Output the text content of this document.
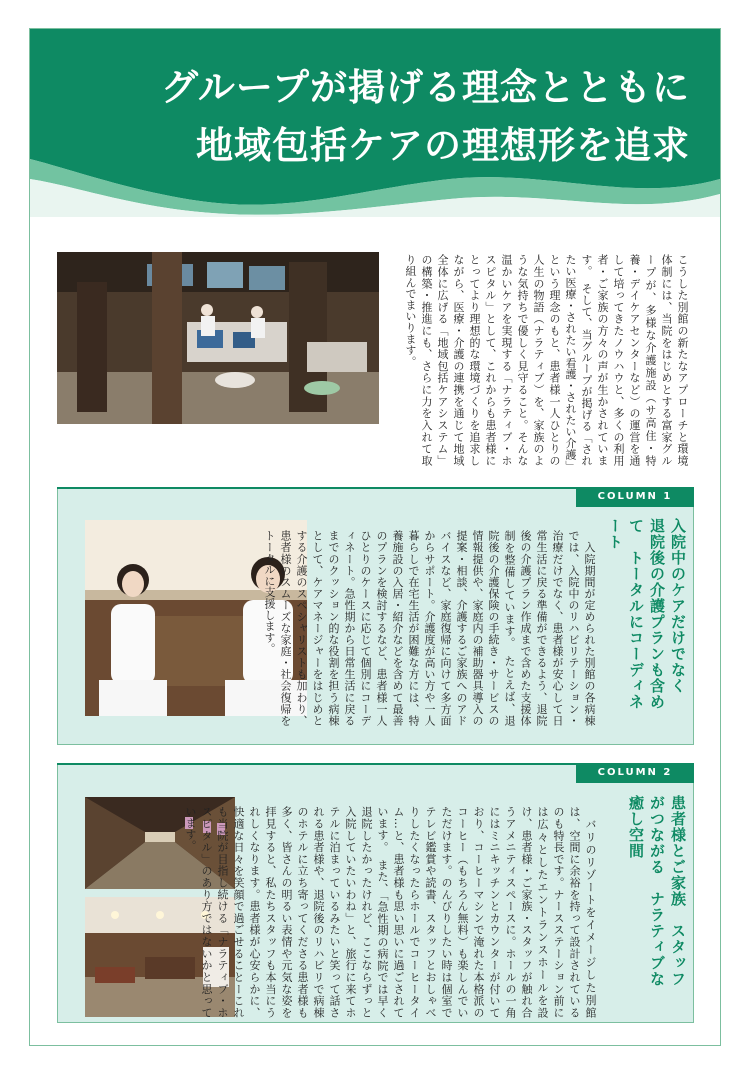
グループが掲げる理念とともに
地域包括ケアの理想形を追求
こうした別館の新たなアプローチと環境体制には、当院をはじめとする富家グループが、多様な介護施設（サ高住・特養・デイケアセンターなど）の運営を通して培ってきたノウハウと、多くの利用者・ご家族の方々の声が生かされています。　そして、当グループが掲げる「されたい医療・されたい看護・されたい介護」という理念のもと、患者様一人ひとりの人生の物語（ナラティブ）を、家族のような気持ちで優しく見守ること。そんな温かいケアを実現する「ナラティブ・ホスピタル」として、これからも患者様にとってより理想的な環境づくりを追求しながら、医療・介護の連携を通じて地域全体に広げる「地域包括ケアシステム」の構築・推進にも、さらに力を入れて取り組んでまいります。
COLUMN 1
　入院期間が定められた別館の各病棟では、入院中のリハビリテーション・治療だけでなく、患者様が安心して日常生活に戻る準備ができるよう、退院後の介護プラン作成まで含めた支援体制を整備しています。　たとえば、退院後の介護保険の手続き・サービスの情報提供や、家庭内の補助器具導入の提案・相談、介護するご家族へのアドバイスなど、家庭復帰に向けて多方面からサポート。介護度が高い方や一人暮らしで在宅生活が困難な方には、特養施設の入居・紹介などを含めて最善のプランを検討するなど、患者様一人ひとりのケースに応じて個別にコーディネート。急性期から日常生活に戻るまでのクッション的な役割を担う病棟として、ケアマネージャーをはじめとする介護のスペシャリストも加わり、患者様のスムーズな家庭・社会復帰をトータルに支援します。	入院中のケアだけでなく　退院後の介護プランも含めて　トータルにコーディネート
COLUMN 2
　バリのリゾートをイメージした別館は、空間に余裕を持って設計されているのも特長です。ナースステーション前には広々としたエントランスホールを設け、患者様・ご家族・スタッフが触れ合うアメニティスペースに。ホールの一角にはミニキッチンとカウンターが付いており、コーヒーマシンで淹れた本格派のコーヒー（もちろん無料）も楽しんでいただけます。のんびりしたい時は個室でテレビ鑑賞や読書、スタッフとおしゃべりしたくなったらホールでコーヒータイム…と、患者様も思い思いに過ごされています。　また、「急性期の病院では早く退院したかったけれど、ここならずっと入院していたいわね」と、旅行に来てホテルに泊まっているみたいと笑って話される患者様や、退院後のリハビリで病棟のホテルに立ち寄ってくださる患者様も多く、皆さんの明るい表情や元気な姿を拝見すると、私たちスタッフも本当にうれしくなります。患者様が心安らかに、快適な日々を笑顔で過ごせることーこれも当院が目指し続ける「ナラティブ・ホスピタル」のあり方ではないかと思っています。	患者様とご家族　スタッフがつながる　ナラティブな癒し空間
